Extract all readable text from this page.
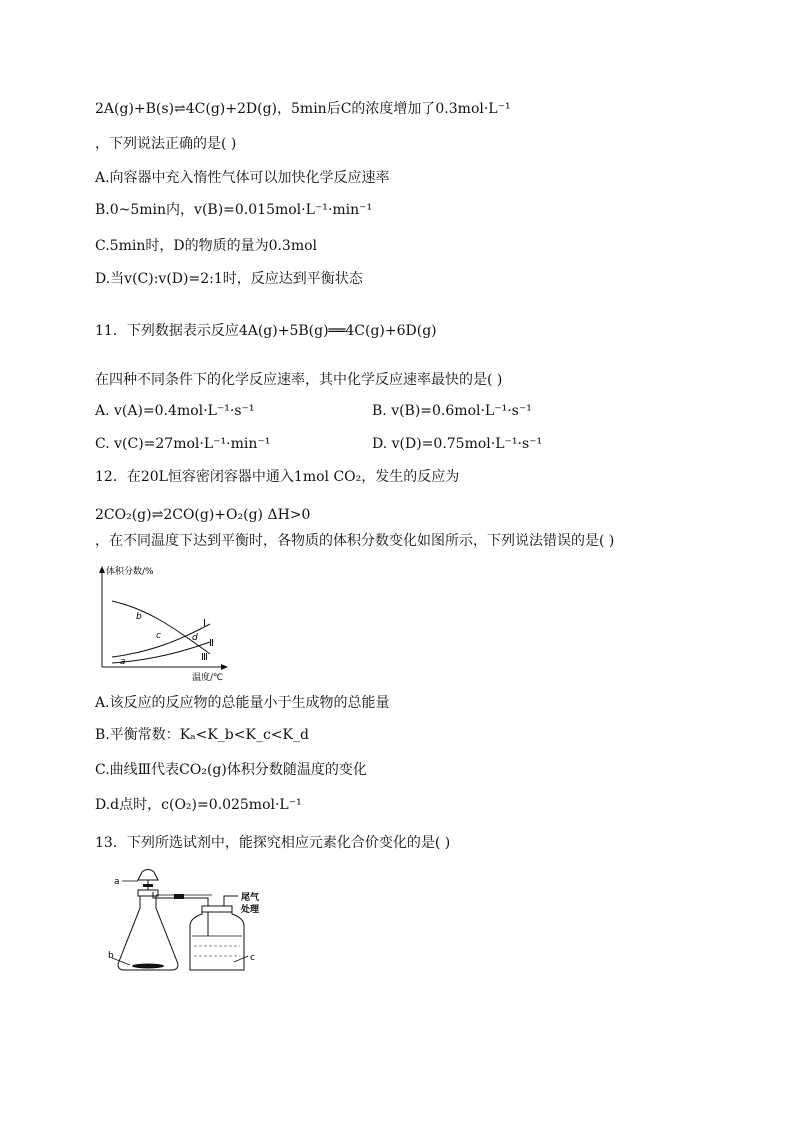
2A(g)+B(s)⇌4C(g)+2D(g)，5min后C的浓度增加了0.3mol·L⁻¹
，下列说法正确的是( )
A.向容器中充入惰性气体可以加快化学反应速率
B.0~5min内，v(B)=0.015mol·L⁻¹·min⁻¹
C.5min时，D的物质的量为0.3mol
D.当v(C):v(D)=2:1时，反应达到平衡状态
11．下列数据表示反应4A(g)+5B(g)══4C(g)+6D(g)
在四种不同条件下的化学反应速率，其中化学反应速率最快的是( )
A. v(A)=0.4mol·L⁻¹·s⁻¹	B. v(B)=0.6mol·L⁻¹·s⁻¹
C. v(C)=27mol·L⁻¹·min⁻¹	D. v(D)=0.75mol·L⁻¹·s⁻¹
12．在20L恒容密闭容器中通入1mol CO₂，发生的反应为
2CO₂(g)⇌2CO(g)+O₂(g) ΔH>0
，在不同温度下达到平衡时，各物质的体积分数变化如图所示，下列说法错误的是( )
体积分数/%
温度/℃
b
c	d
a
Ⅰ
Ⅱ
Ⅲ
A.该反应的反应物的总能量小于生成物的总能量
B.平衡常数：Kₐ<K_b<K_c<K_d
C.曲线Ⅲ代表CO₂(g)体积分数随温度的变化
D.d点时，c(O₂)=0.025mol·L⁻¹
13．下列所选试剂中，能探究相应元素化合价变化的是( )
a
b
尾气
处理
c
